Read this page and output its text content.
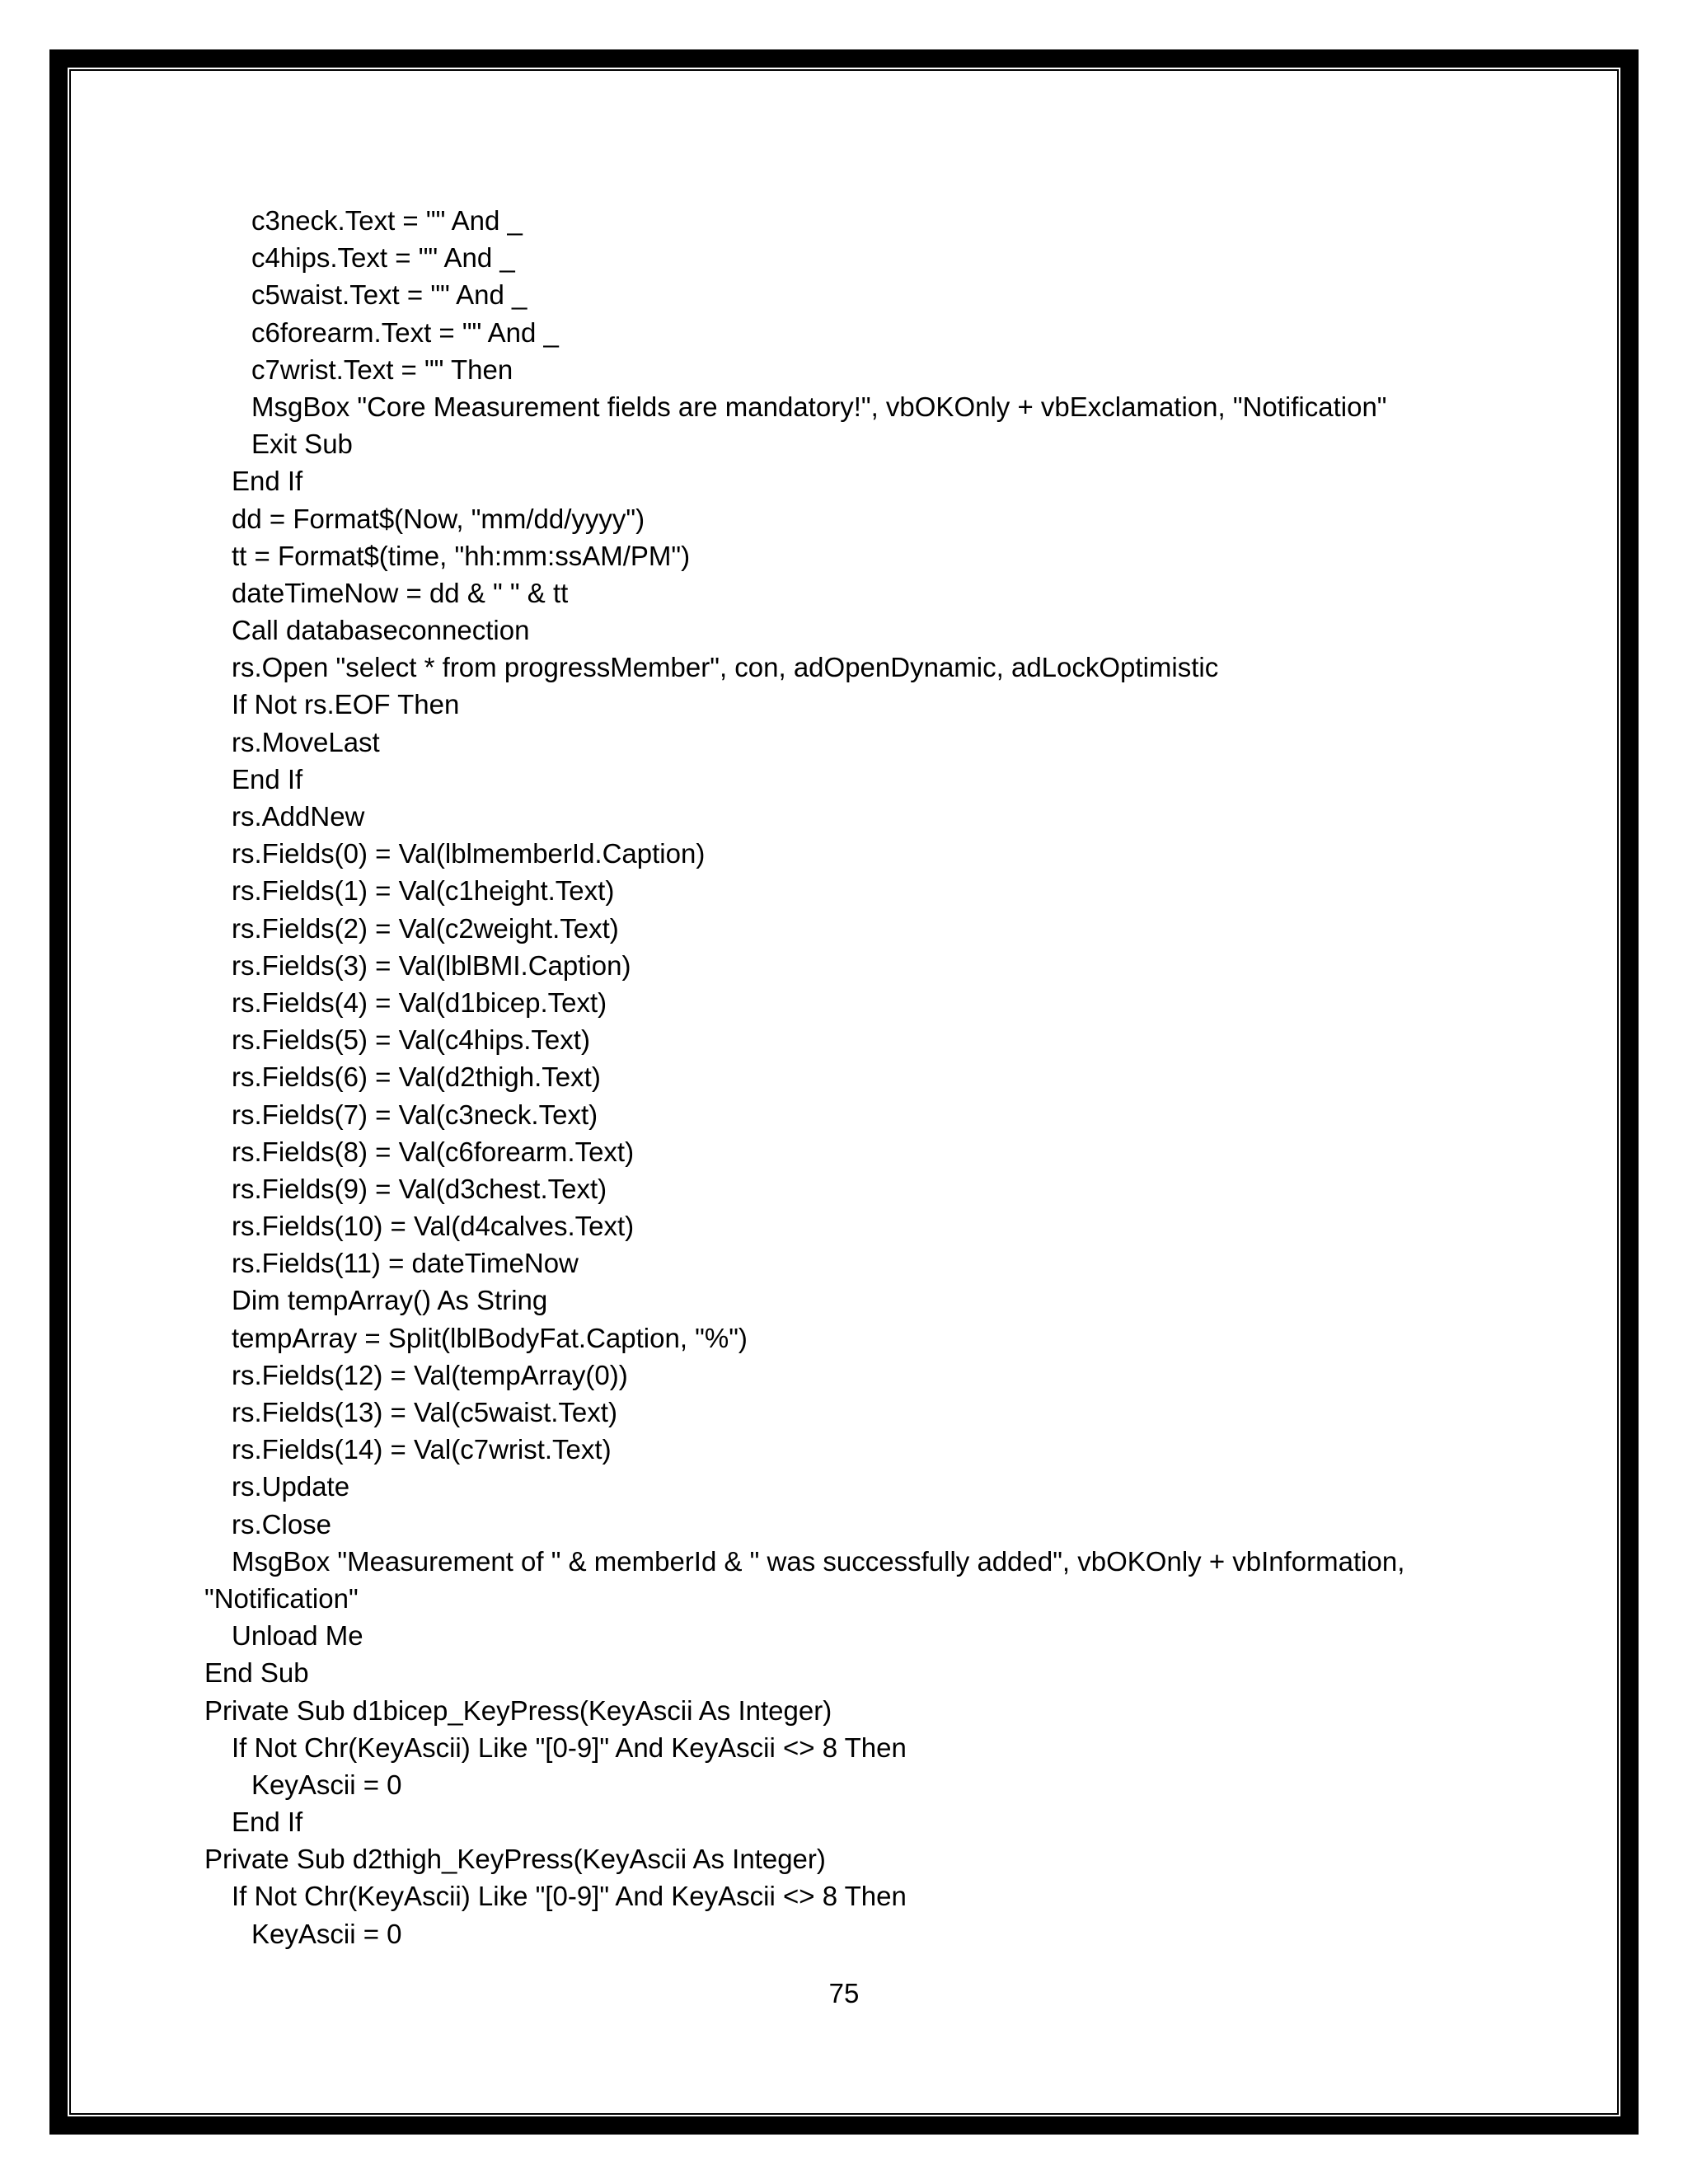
c3neck.Text = "" And _
c4hips.Text = "" And _
c5waist.Text = "" And _
c6forearm.Text = "" And _
c7wrist.Text = "" Then
MsgBox "Core Measurement fields are mandatory!", vbOKOnly + vbExclamation, "Notification"
Exit Sub
End If
dd = Format$(Now, "mm/dd/yyyy")
tt = Format$(time, "hh:mm:ssAM/PM")
dateTimeNow = dd & " " & tt
Call databaseconnection
rs.Open "select * from progressMember", con, adOpenDynamic, adLockOptimistic
If Not rs.EOF Then
rs.MoveLast
End If
rs.AddNew
rs.Fields(0) = Val(lblmemberId.Caption)
rs.Fields(1) = Val(c1height.Text)
rs.Fields(2) = Val(c2weight.Text)
rs.Fields(3) = Val(lblBMI.Caption)
rs.Fields(4) = Val(d1bicep.Text)
rs.Fields(5) = Val(c4hips.Text)
rs.Fields(6) = Val(d2thigh.Text)
rs.Fields(7) = Val(c3neck.Text)
rs.Fields(8) = Val(c6forearm.Text)
rs.Fields(9) = Val(d3chest.Text)
rs.Fields(10) = Val(d4calves.Text)
rs.Fields(11) = dateTimeNow
Dim tempArray() As String
tempArray = Split(lblBodyFat.Caption, "%")
rs.Fields(12) = Val(tempArray(0))
rs.Fields(13) = Val(c5waist.Text)
rs.Fields(14) = Val(c7wrist.Text)
rs.Update
rs.Close
MsgBox "Measurement of " & memberId & " was successfully added", vbOKOnly + vbInformation,
"Notification"
Unload Me
End Sub
Private Sub d1bicep_KeyPress(KeyAscii As Integer)
If Not Chr(KeyAscii) Like "[0-9]" And KeyAscii <> 8 Then
KeyAscii = 0
End If
Private Sub d2thigh_KeyPress(KeyAscii As Integer)
If Not Chr(KeyAscii) Like "[0-9]" And KeyAscii <> 8 Then
KeyAscii = 0
75
